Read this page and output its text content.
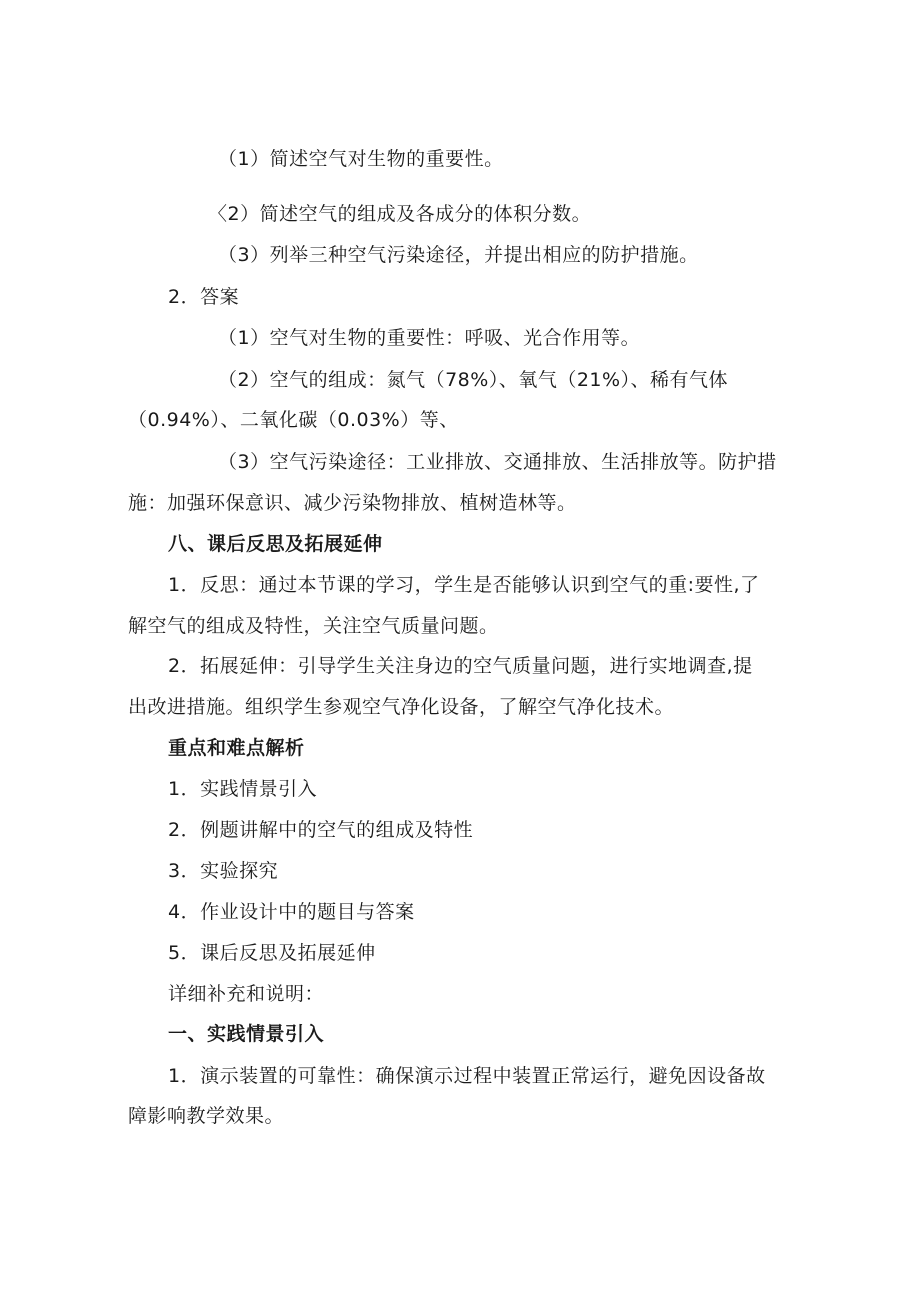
（1）简述空气对生物的重要性。
〈2）简述空气的组成及各成分的体积分数。
（3）列举三种空气污染途径，并提出相应的防护措施。
2．答案
（1）空气对生物的重要性：呼吸、光合作用等。
（2）空气的组成：氮气（78%）、氧气（21%）、稀有气体
（0.94%）、二氧化碳（0.03%）等、
（3）空气污染途径：工业排放、交通排放、生活排放等。防护措
施：加强环保意识、减少污染物排放、植树造林等。
八、课后反思及拓展延伸
1．反思：通过本节课的学习，学生是否能够认识到空气的重:要性,了
解空气的组成及特性，关注空气质量问题。
2．拓展延伸：引导学生关注身边的空气质量问题，进行实地调查,提
出改进措施。组织学生参观空气净化设备，了解空气净化技术。
重点和难点解析
1．实践情景引入
2．例题讲解中的空气的组成及特性
3．实验探究
4．作业设计中的题目与答案
5．课后反思及拓展延伸
详细补充和说明：
一、实践情景引入
1．演示装置的可靠性：确保演示过程中装置正常运行，避免因设备故
障影响教学效果。
